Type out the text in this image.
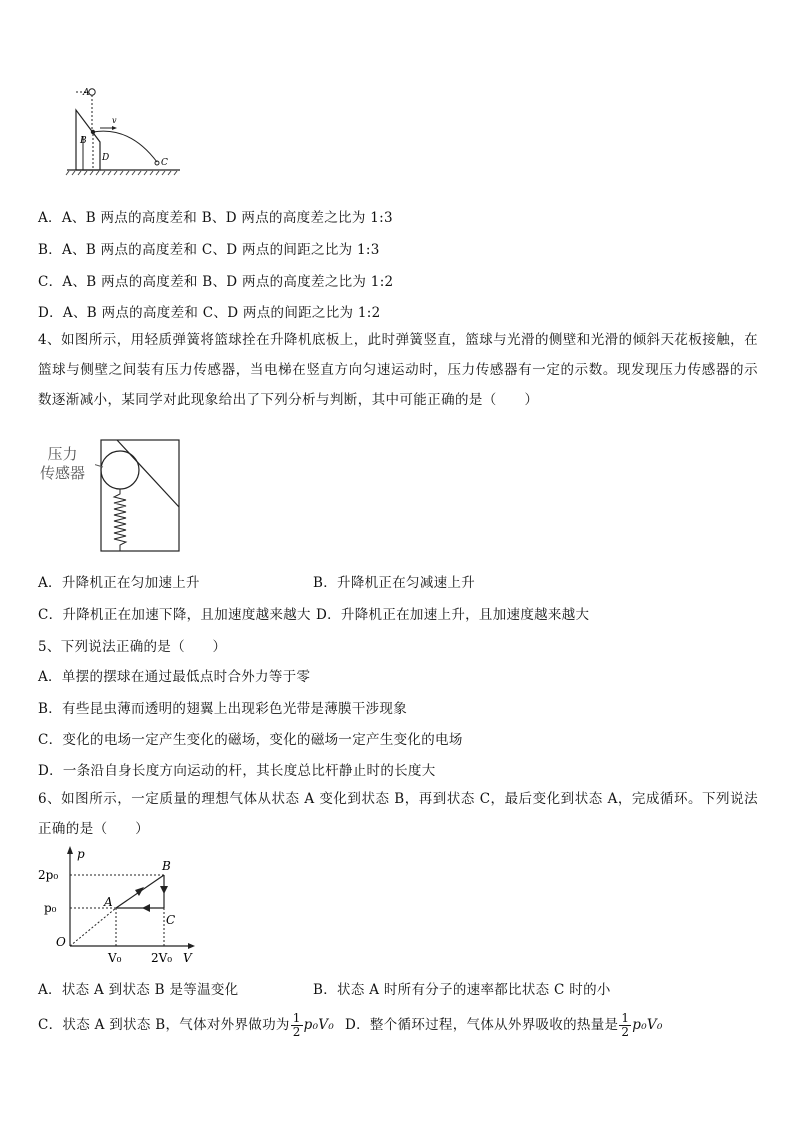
A
B
C
D
v
A．A、B 两点的高度差和 B、D 两点的高度差之比为 1:3
B．A、B 两点的高度差和 C、D 两点的间距之比为 1:3
C．A、B 两点的高度差和 B、D 两点的高度差之比为 1:2
D．A、B 两点的高度差和 C、D 两点的间距之比为 1:2
4、如图所示，用轻质弹簧将篮球拴在升降机底板上，此时弹簧竖直，篮球与光滑的侧壁和光滑的倾斜天花板接触，在篮球与侧壁之间装有压力传感器，当电梯在竖直方向匀速运动时，压力传感器有一定的示数。现发现压力传感器的示数逐渐减小，某同学对此现象给出了下列分析与判断，其中可能正确的是（　　）
压力
传感器
A．升降机正在匀加速上升	B．升降机正在匀减速上升
C．升降机正在加速下降，且加速度越来越大 D．升降机正在加速上升，且加速度越来越大
5、下列说法正确的是（　　）
A．单摆的摆球在通过最低点时合外力等于零
B．有些昆虫薄而透明的翅翼上出现彩色光带是薄膜干涉现象
C．变化的电场一定产生变化的磁场，变化的磁场一定产生变化的电场
D．一条沿自身长度方向运动的杆，其长度总比杆静止时的长度大
6、如图所示，一定质量的理想气体从状态 A 变化到状态 B，再到状态 C，最后变化到状态 A，完成循环。下列说法正确的是（　　）
p
V
O
2p₀
p₀
V₀ 2V₀
A
B
C
A．状态 A 到状态 B 是等温变化	B．状态 A 时所有分子的速率都比状态 C 时的小
C．状态 A 到状态 B，气体对外界做功为 $\frac{1}{2} p_0V_0$ D．整个循环过程，气体从外界吸收的热量是 $\frac{1}{2} p_0V_0$
